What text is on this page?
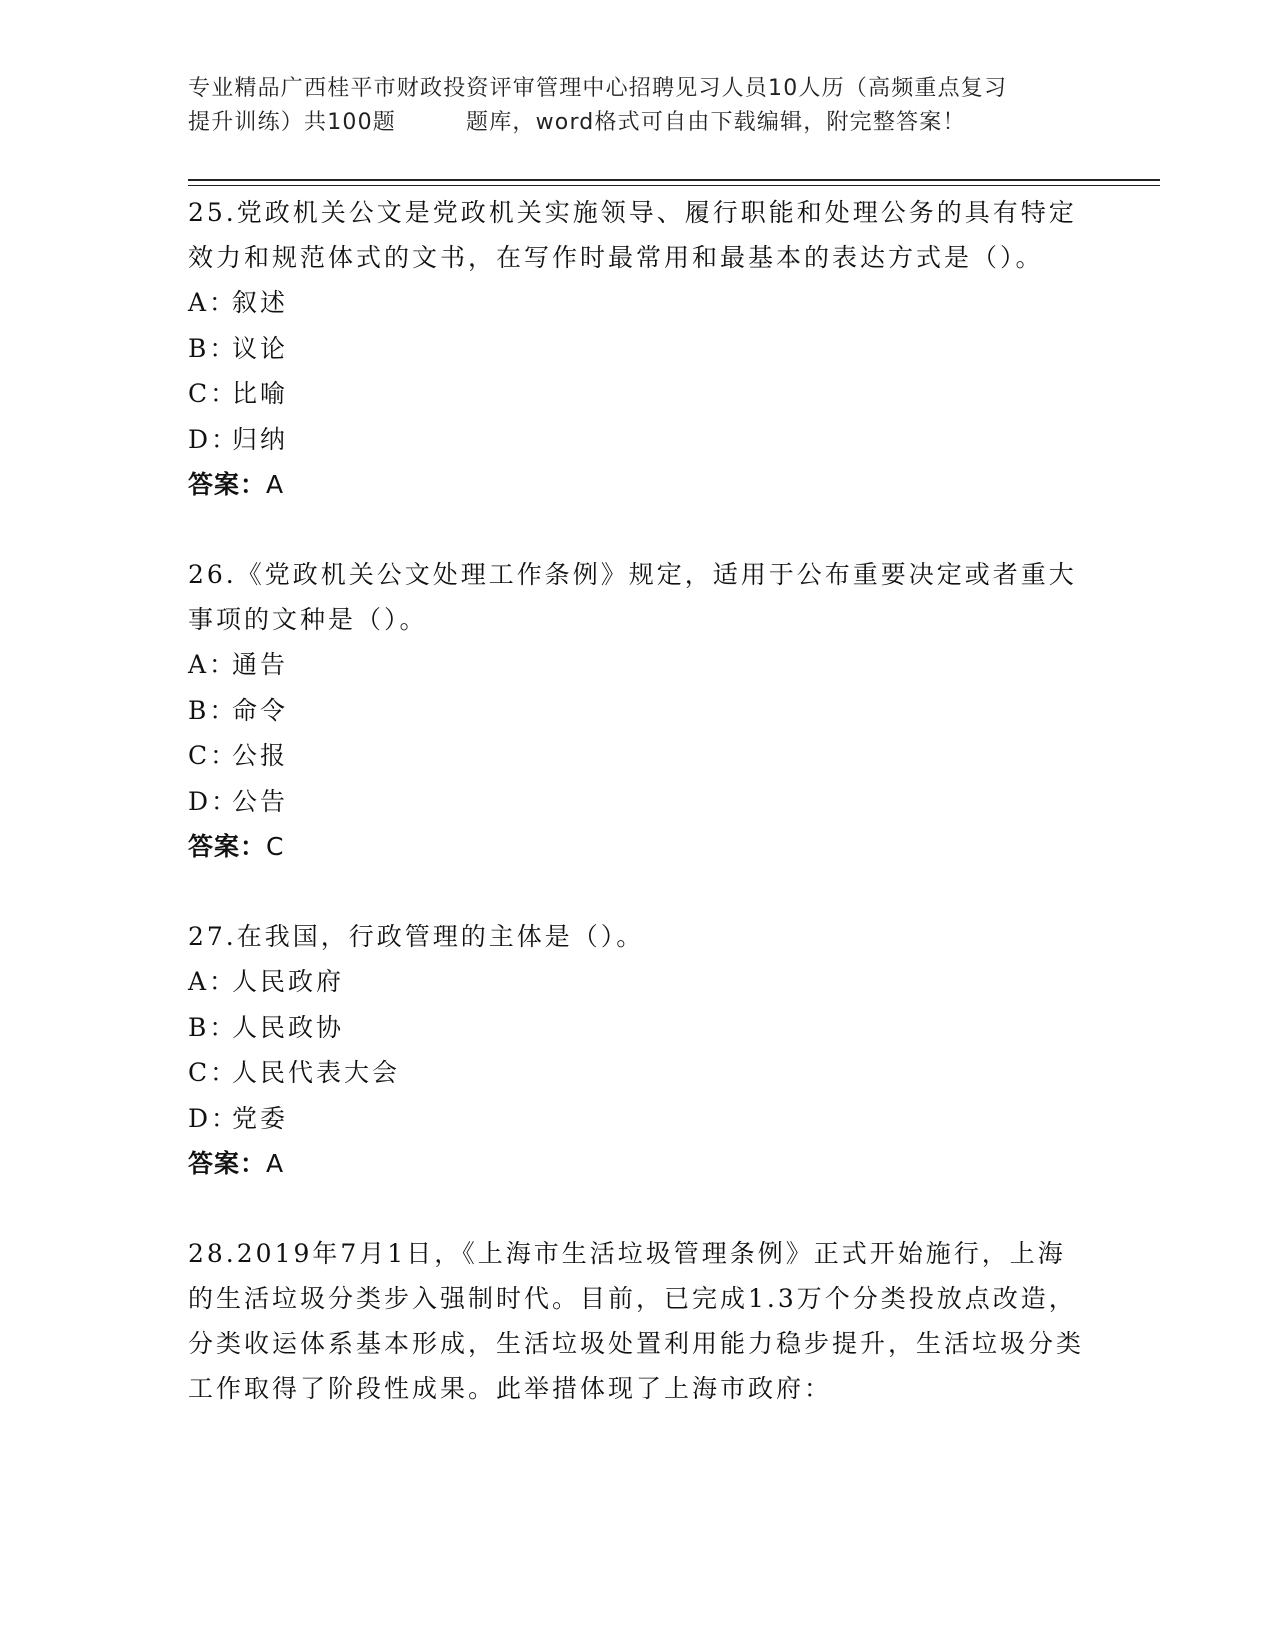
专业精品广西桂平市财政投资评审管理中心招聘见习人员10人历（高频重点复习
提升训练）共100题	题库，word格式可自由下载编辑，附完整答案！

25.党政机关公文是党政机关实施领导、履行职能和处理公务的具有特定效力和规范体式的文书，在写作时最常用和最基本的表达方式是（）。

A：叙述

B：议论

C：比喻

D：归纳

答案：A

26.《党政机关公文处理工作条例》规定，适用于公布重要决定或者重大事项的文种是（）。

A：通告

B：命令

C：公报

D：公告

答案：C

27.在我国，行政管理的主体是（）。

A：人民政府

B：人民政协

C：人民代表大会

D：党委

答案：A

28.2019年7月1日，《上海市生活垃圾管理条例》正式开始施行，上海的生活垃圾分类步入强制时代。目前，已完成1.3万个分类投放点改造，分类收运体系基本形成，生活垃圾处置利用能力稳步提升，生活垃圾分类工作取得了阶段性成果。此举措体现了上海市政府：
